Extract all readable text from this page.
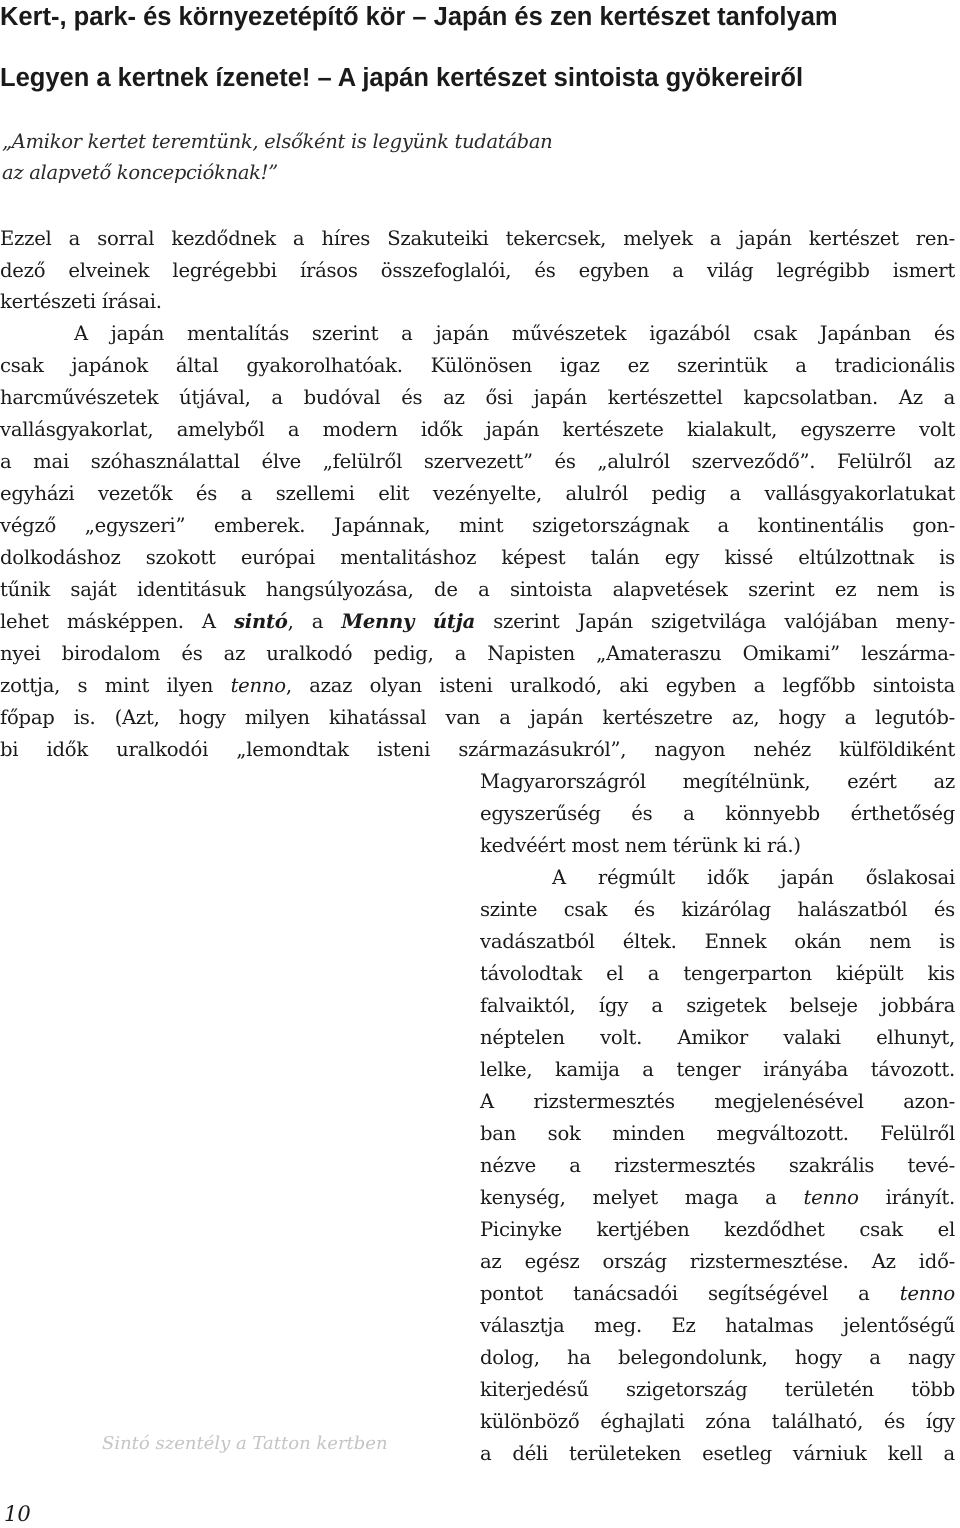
Kert-, park- és környezetépítő kör – Japán és zen kertészet tanfolyam
Legyen a kertnek ízenete! – A japán kertészet sintoista gyökereiről
„Amikor kertet teremtünk, elsőként is legyünk tudatában
az alapvető koncepcióknak!”
Ezzel a sorral kezdődnek a híres Szakuteiki tekercsek, melyek a japán kertészet ren-
dező elveinek legrégebbi írásos összefoglalói, és egyben a világ legrégibb ismert
kertészeti írásai.
A japán mentalítás szerint a japán művészetek igazából csak Japánban és
csak japánok által gyakorolhatóak. Különösen igaz ez szerintük a tradicionális
harcművészetek útjával, a budóval és az ősi japán kertészettel kapcsolatban. Az a
vallásgyakorlat, amelyből a modern idők japán kertészete kialakult, egyszerre volt
a mai szóhasználattal élve „felülről szervezett” és „alulról szerveződő”. Felülről az
egyházi vezetők és a szellemi elit vezényelte, alulról pedig a vallásgyakorlatukat
végző „egyszeri” emberek. Japánnak, mint szigetországnak a kontinentális gon-
dolkodáshoz szokott európai mentalitáshoz képest talán egy kissé eltúlzottnak is
tűnik saját identitásuk hangsúlyozása, de a sintoista alapvetések szerint ez nem is
lehet másképpen. A sintó, a Menny útja szerint Japán szigetvilága valójában meny-
nyei birodalom és az uralkodó pedig, a Napisten „Amateraszu Omikami” leszárma-
zottja, s mint ilyen tenno, azaz olyan isteni uralkodó, aki egyben a legfőbb sintoista
főpap is. (Azt, hogy milyen kihatással van a japán kertészetre az, hogy a legutób-
bi idők uralkodói „lemondtak isteni származásukról”, nagyon nehéz külföldiként
Magyarországról megítélnünk, ezért az
egyszerűség és a könnyebb érthetőség
kedvéért most nem térünk ki rá.)
A régmúlt idők japán őslakosai
szinte csak és kizárólag halászatból és
vadászatból éltek. Ennek okán nem is
távolodtak el a tengerparton kiépült kis
falvaiktól, így a szigetek belseje jobbára
néptelen volt. Amikor valaki elhunyt,
lelke, kamija a tenger irányába távozott.
A rizstermesztés megjelenésével azon-
ban sok minden megváltozott. Felülről
nézve a rizstermesztés szakrális tevé-
kenység, melyet maga a tenno irányít.
Picinyke kertjében kezdődhet csak el
az egész ország rizstermesztése. Az idő-
pontot tanácsadói segítségével a tenno
választja meg. Ez hatalmas jelentőségű
dolog, ha belegondolunk, hogy a nagy
kiterjedésű szigetország területén több
különböző éghajlati zóna található, és így
a déli területeken esetleg várniuk kell a
Sintó szentély a Tatton kertben
10
